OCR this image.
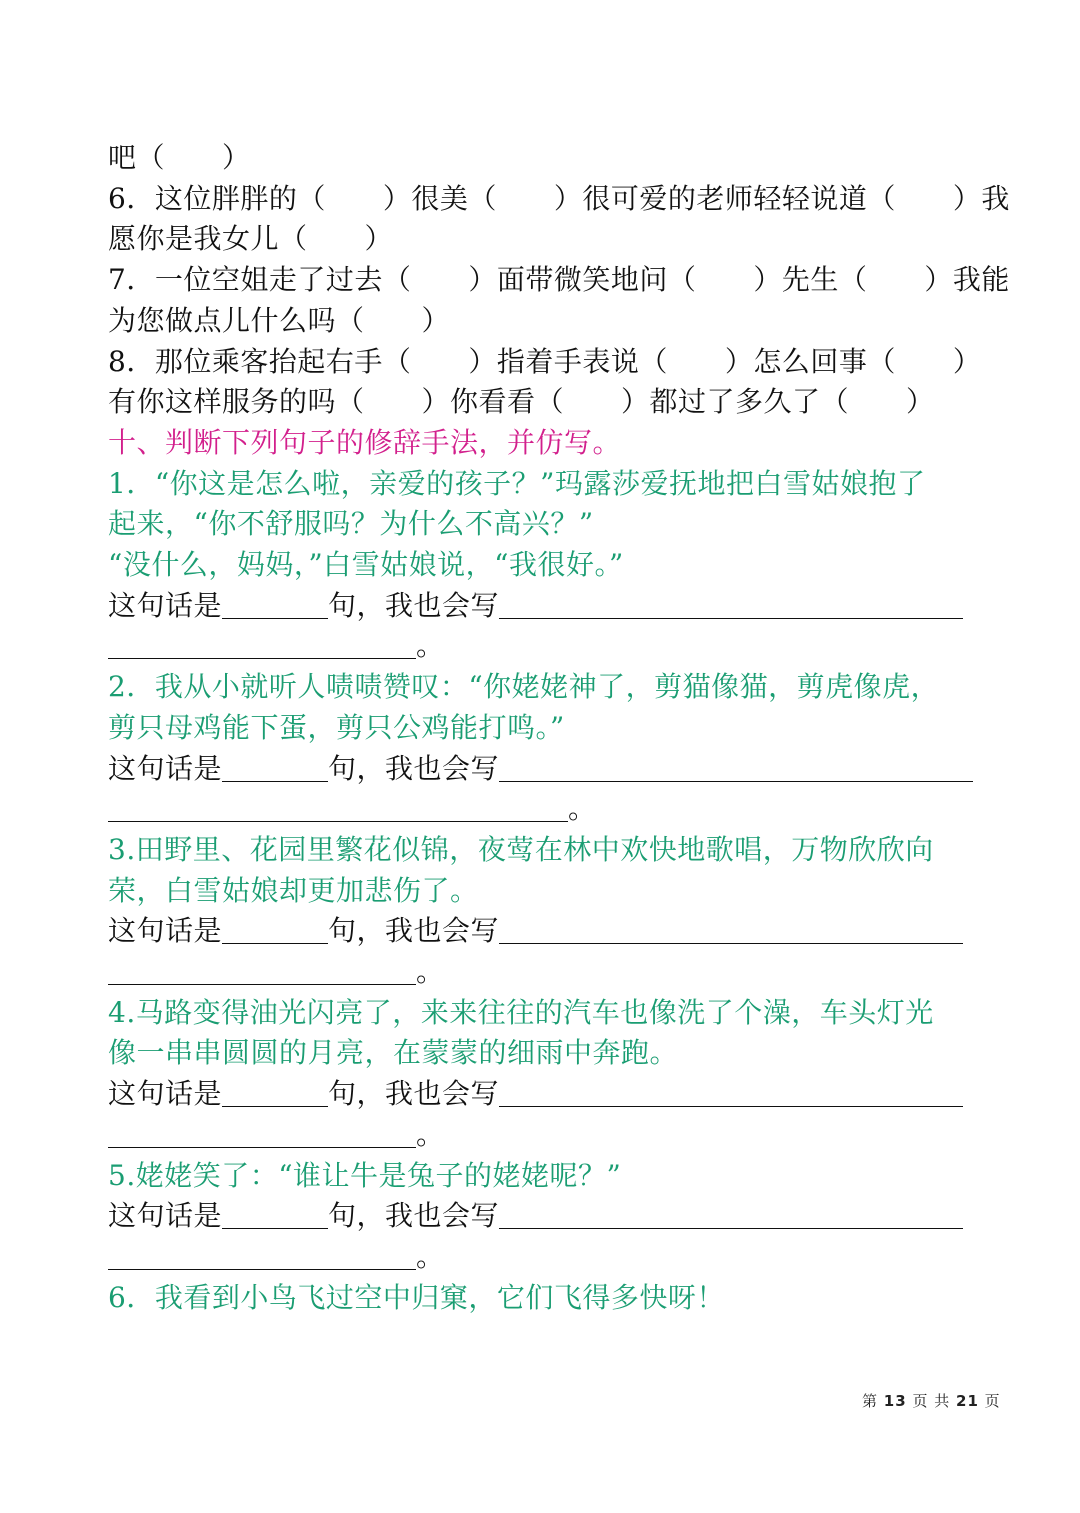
吧（　　）
6．这位胖胖的（　　）很美（　　）很可爱的老师轻轻说道（　　）我
愿你是我女儿（　　）
7．一位空姐走了过去（　　）面带微笑地问（　　）先生（　　）我能
为您做点儿什么吗（　　）
8．那位乘客抬起右手（　　）指着手表说（　　）怎么回事（　　）
有你这样服务的吗（　　）你看看（　　）都过了多久了（　　）
十、判断下列句子的修辞手法，并仿写。
1．“你这是怎么啦，亲爱的孩子？”玛露莎爱抚地把白雪姑娘抱了
起来，“你不舒服吗？为什么不高兴？”
“没什么，妈妈，”白雪姑娘说，“我很好。”
这句话是	句，我也会写
。
2．我从小就听人啧啧赞叹：“你姥姥神了，剪猫像猫，剪虎像虎，
剪只母鸡能下蛋，剪只公鸡能打鸣。”
这句话是	句，我也会写
。
3.田野里、花园里繁花似锦，夜莺在林中欢快地歌唱，万物欣欣向
荣，白雪姑娘却更加悲伤了。
这句话是	句，我也会写
。
4.马路变得油光闪亮了，来来往往的汽车也像洗了个澡，车头灯光
像一串串圆圆的月亮，在蒙蒙的细雨中奔跑。
这句话是	句，我也会写
。
5.姥姥笑了：“谁让牛是兔子的姥姥呢？”
这句话是	句，我也会写
。
6．我看到小鸟飞过空中归窠，它们飞得多快呀！
第 13 页 共 21 页
